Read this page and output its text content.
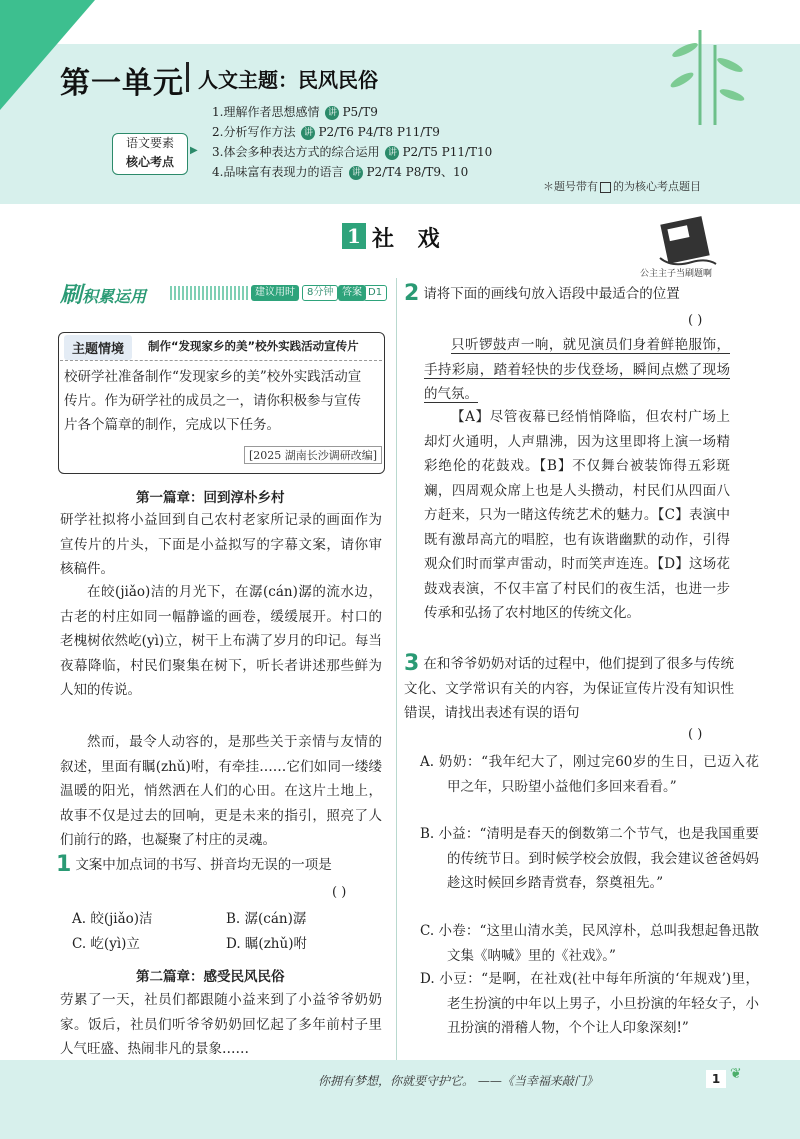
第一单元 人文主题：民风民俗
语文要素
核心考点
▶
1.理解作者思想感情 讲 P5/T9
2.分析写作方法 讲 P2/T6 P4/T8 P11/T9
3.体会多种表达方式的综合运用 讲 P2/T5 P11/T10
4.品味富有表现力的语言 讲 P2/T4 P8/T9、10
＊题号带有 的为核心考点题目
1 社 戏
公主主子当刷题啊
刷积累运用	建议用时	8分钟 答案 D1
主题情境	制作“发现家乡的美”校外实践活动宣传片
校研学社准备制作“发现家乡的美”校外实践活动宣传片。作为研学社的成员之一，请你积极参与宣传片各个篇章的制作，完成以下任务。
[2025 湖南长沙调研改编]
第一篇章：回到淳朴乡村
研学社拟将小益回到自己农村老家所记录的画面作为宣传片的片头，下面是小益拟写的字幕文案，请你审核稿件。
在皎(jiǎo)洁的月光下，在潺(cán)潺的流水边，古老的村庄如同一幅静谧的画卷，缓缓展开。村口的老槐树依然屹(yì)立，树干上布满了岁月的印记。每当夜幕降临，村民们聚集在树下，听长者讲述那些鲜为人知的传说。
然而，最令人动容的，是那些关于亲情与友情的叙述，里面有瞩(zhǔ)咐，有牵挂……它们如同一缕缕温暖的阳光，悄然洒在人们的心田。在这片土地上，故事不仅是过去的回响，更是未来的指引，照亮了人们前行的路，也凝聚了村庄的灵魂。
1 文案中加点词的书写、拼音均无误的一项是
( )
A. 皎(jiǎo)洁	B. 潺(cán)潺
C. 屹(yì)立	D. 瞩(zhǔ)咐
第二篇章：感受民风民俗
劳累了一天，社员们都跟随小益来到了小益爷爷奶奶家。饭后，社员们听爷爷奶奶回忆起了多年前村子里人气旺盛、热闹非凡的景象……
2 请将下面的画线句放入语段中最适合的位置
( )
只听锣鼓声一响，就见演员们身着鲜艳服饰，手持彩扇，踏着轻快的步伐登场，瞬间点燃了现场的气氛。
【A】尽管夜幕已经悄悄降临，但农村广场上却灯火通明，人声鼎沸，因为这里即将上演一场精彩绝伦的花鼓戏。【B】不仅舞台被装饰得五彩斑斓，四周观众席上也是人头攒动，村民们从四面八方赶来，只为一睹这传统艺术的魅力。【C】表演中既有激昂高亢的唱腔，也有诙谐幽默的动作，引得观众们时而掌声雷动，时而笑声连连。【D】这场花鼓戏表演，不仅丰富了村民们的夜生活，也进一步传承和弘扬了农村地区的传统文化。
3 在和爷爷奶奶对话的过程中，他们提到了很多与传统文化、文学常识有关的内容，为保证宣传片没有知识性错误，请找出表述有误的语句
( )
A. 奶奶：“我年纪大了，刚过完60岁的生日，已迈入花甲之年，只盼望小益他们多回来看看。”
B. 小益：“清明是春天的倒数第二个节气，也是我国重要的传统节日。到时候学校会放假，我会建议爸爸妈妈趁这时候回乡踏青赏春，祭奠祖先。”
C. 小卷：“这里山清水美，民风淳朴，总叫我想起鲁迅散文集《呐喊》里的《社戏》。”
D. 小豆：“是啊，在社戏(社中每年所演的‘年规戏’)里，老生扮演的中年以上男子，小旦扮演的年轻女子，小丑扮演的滑稽人物，个个让人印象深刻!”
你拥有梦想，你就要守护它。 ——《当幸福来敲门》	1 ❦
